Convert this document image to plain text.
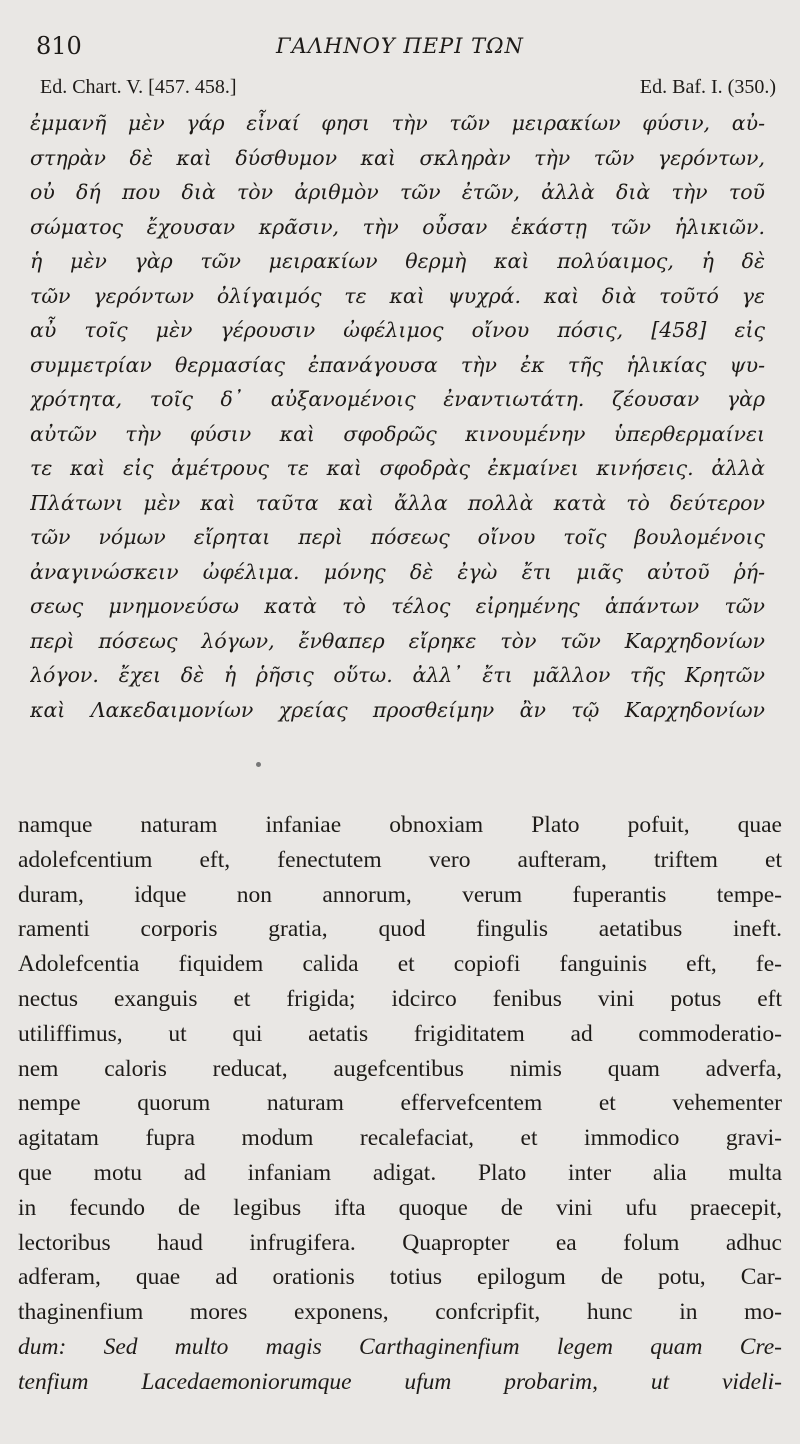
810	ΓΑΛΗΝΟΥ ΠΕΡΙ ΤΩΝ
Ed. Chart. V. [457. 458.]	Ed. Baf. I. (350.)
ἐμμανῆ μὲν γάρ εἶναί φησι τὴν τῶν μειρακίων φύσιν, αὐ-
στηρὰν δὲ καὶ δύσθυμον καὶ σκληρὰν τὴν τῶν γερόντων,
οὐ δή που διὰ τὸν ἀριθμὸν τῶν ἐτῶν, ἀλλὰ διὰ τὴν τοῦ
σώματος ἔχουσαν κρᾶσιν, τὴν οὖσαν ἑκάστῃ τῶν ἡλικιῶν.
ἡ μὲν γὰρ τῶν μειρακίων θερμὴ καὶ πολύαιμος, ἡ δὲ
τῶν γερόντων ὀλίγαιμός τε καὶ ψυχρά. καὶ διὰ τοῦτό γε
αὖ τοῖς μὲν γέρουσιν ὠφέλιμος οἴνου πόσις, [458] εἰς
συμμετρίαν θερμασίας ἐπανάγουσα τὴν ἐκ τῆς ἡλικίας ψυ-
χρότητα, τοῖς δ᾽ αὐξανομένοις ἐναντιωτάτη. ζέουσαν γὰρ
αὐτῶν τὴν φύσιν καὶ σφοδρῶς κινουμένην ὑπερθερμαίνει
τε καὶ εἰς ἀμέτρους τε καὶ σφοδρὰς ἐκμαίνει κινήσεις. ἀλλὰ
Πλάτωνι μὲν καὶ ταῦτα καὶ ἄλλα πολλὰ κατὰ τὸ δεύτερον
τῶν νόμων εἴρηται περὶ πόσεως οἴνου τοῖς βουλομένοις
ἀναγινώσκειν ὠφέλιμα. μόνης δὲ ἐγὼ ἔτι μιᾶς αὐτοῦ ῥή-
σεως μνημονεύσω κατὰ τὸ τέλος εἰρημένης ἁπάντων τῶν
περὶ πόσεως λόγων, ἔνθαπερ εἴρηκε τὸν τῶν Καρχηδονίων
λόγον. ἔχει δὲ ἡ ῥῆσις οὕτω. ἀλλ᾽ ἔτι μᾶλλον τῆς Κρητῶν
καὶ Λακεδαιμονίων χρείας προσθείμην ἂν τῷ Καρχηδονίων
namque naturam infaniae obnoxiam Plato pofuit, quae
adolefcentium eft, fenectutem vero aufteram, triftem et
duram, idque non annorum, verum fuperantis tempe-
ramenti corporis gratia, quod fingulis aetatibus ineft.
Adolefcentia fiquidem calida et copiofi fanguinis eft, fe-
nectus exanguis et frigida; idcirco fenibus vini potus eft
utiliffimus, ut qui aetatis frigiditatem ad commoderatio-
nem caloris reducat, augefcentibus nimis quam adverfa,
nempe quorum naturam effervefcentem et vehementer
agitatam fupra modum recalefaciat, et immodico gravi-
que motu ad infaniam adigat. Plato inter alia multa
in fecundo de legibus ifta quoque de vini ufu praecepit,
lectoribus haud infrugifera. Quapropter ea folum adhuc
adferam, quae ad orationis totius epilogum de potu, Car-
thaginenfium mores exponens, confcripfit, hunc in mo-
dum: Sed multo magis Carthaginenfium legem quam Cre-
tenfium Lacedaemoniorumque ufum probarim, ut videli-
